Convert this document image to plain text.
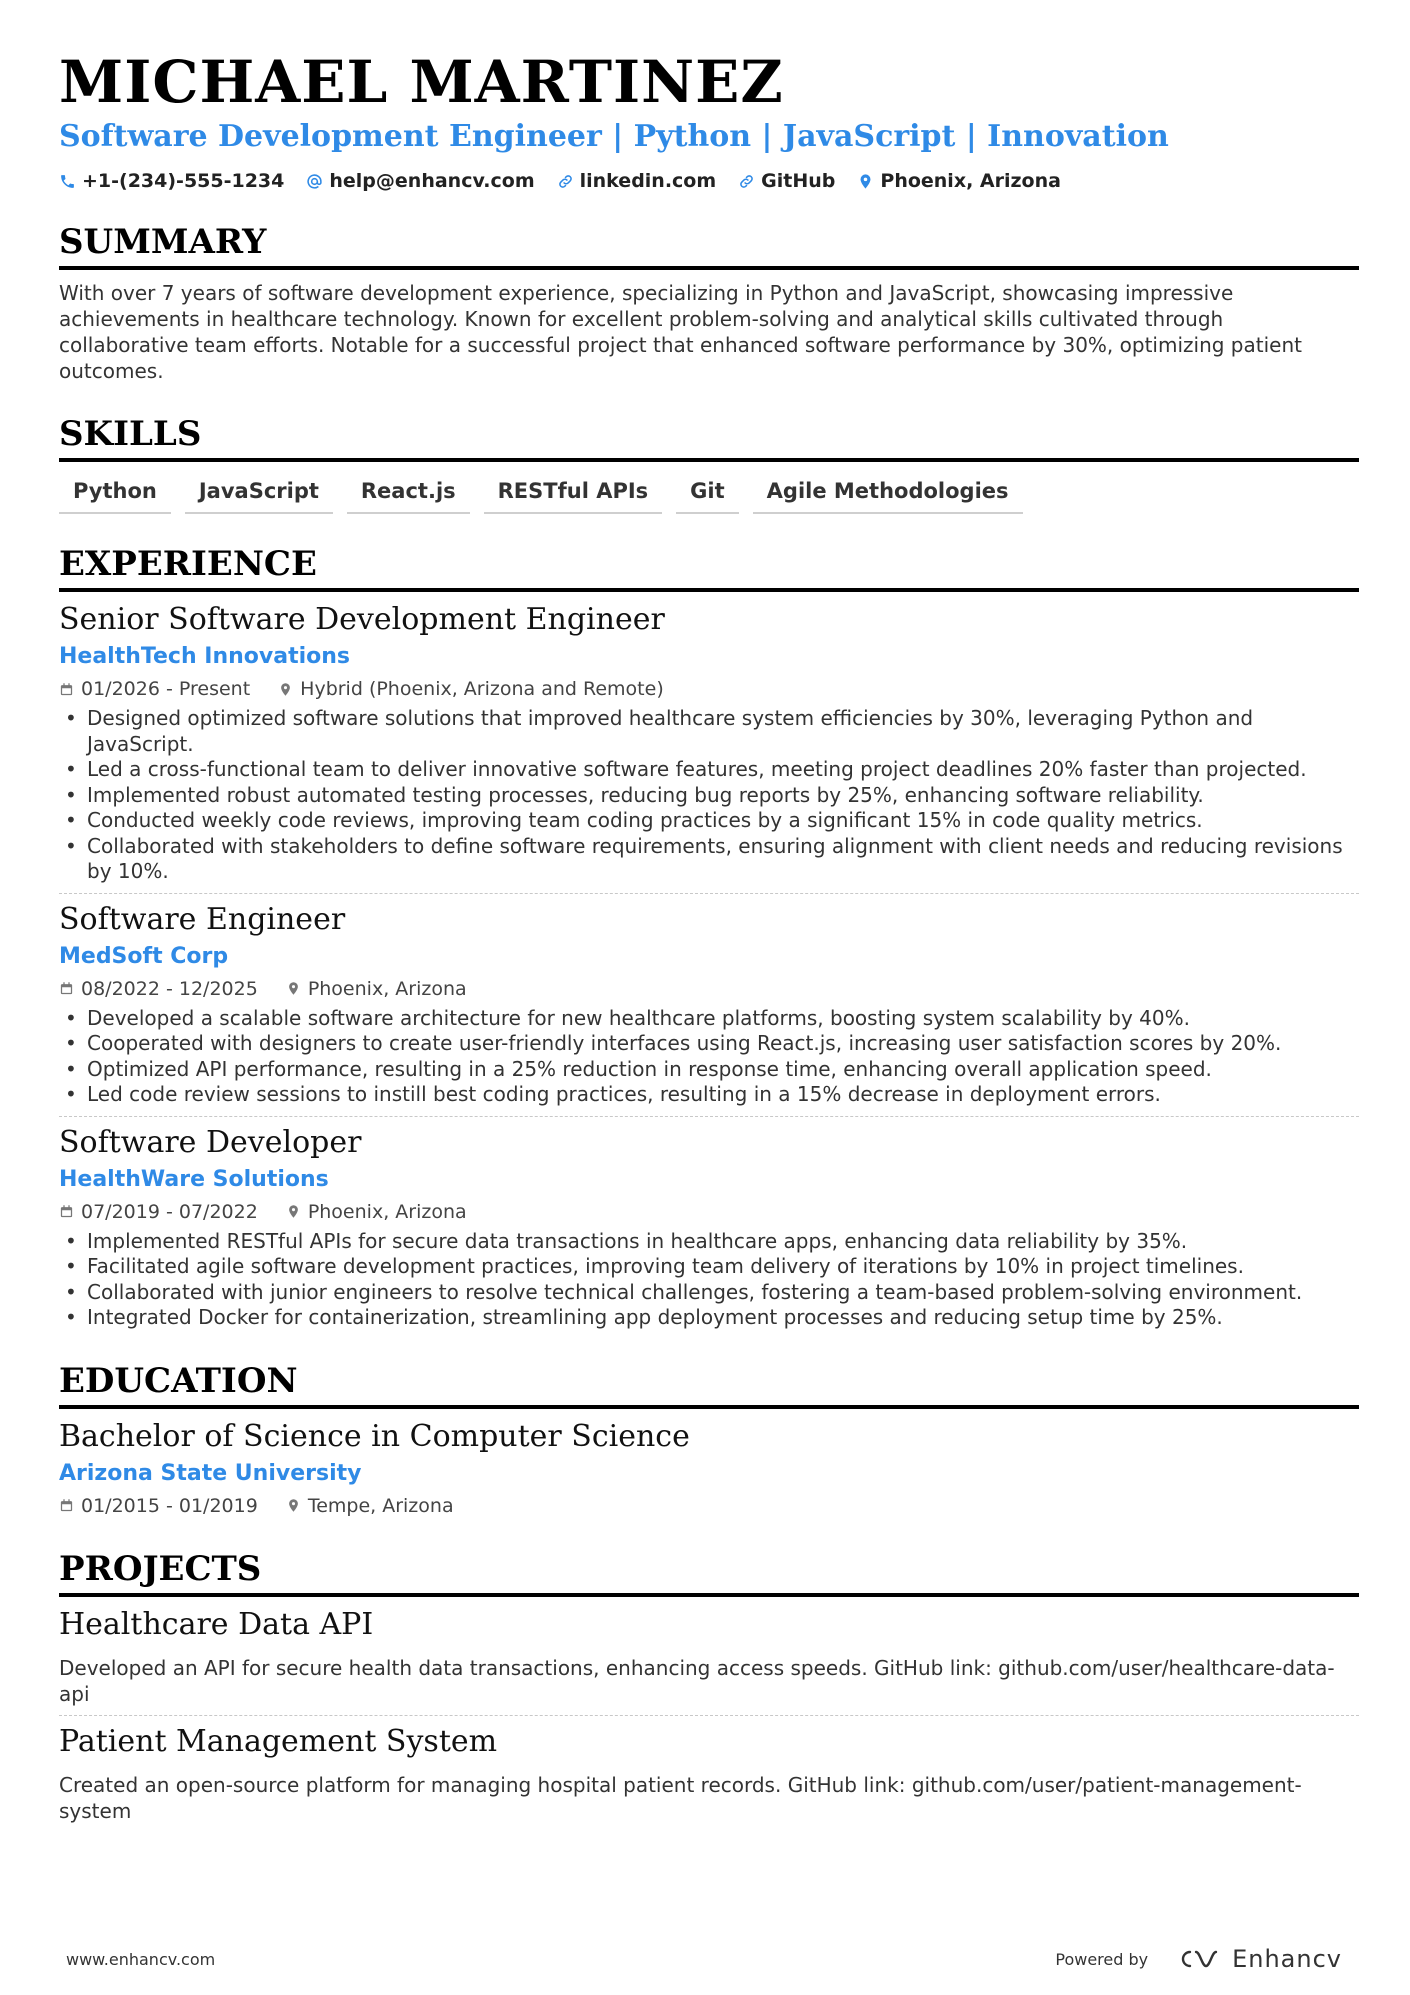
MICHAEL MARTINEZ
Software Development Engineer | Python | JavaScript | Innovation
+1-(234)-555-1234 help@enhancv.com linkedin.com GitHub Phoenix, Arizona
SUMMARY

With over 7 years of software development experience, specializing in Python and JavaScript, showcasing impressive achievements in healthcare technology. Known for excellent problem-solving and analytical skills cultivated through collaborative team efforts. Notable for a successful project that enhanced software performance by 30%, optimizing patient outcomes.

SKILLS
Python	JavaScript	React.js	RESTful APIs	Git	Agile Methodologies
EXPERIENCE
Senior Software Development Engineer
HealthTech Innovations
01/2026 - Present	Hybrid (Phoenix, Arizona and Remote)
• Designed optimized software solutions that improved healthcare system efficiencies by 30%, leveraging Python and JavaScript.
• Led a cross-functional team to deliver innovative software features, meeting project deadlines 20% faster than projected.
• Implemented robust automated testing processes, reducing bug reports by 25%, enhancing software reliability.
• Conducted weekly code reviews, improving team coding practices by a significant 15% in code quality metrics.
• Collaborated with stakeholders to define software requirements, ensuring alignment with client needs and reducing revisions by 10%.
Software Engineer
MedSoft Corp
08/2022 - 12/2025	Phoenix, Arizona
• Developed a scalable software architecture for new healthcare platforms, boosting system scalability by 40%.
• Cooperated with designers to create user-friendly interfaces using React.js, increasing user satisfaction scores by 20%.
• Optimized API performance, resulting in a 25% reduction in response time, enhancing overall application speed.
• Led code review sessions to instill best coding practices, resulting in a 15% decrease in deployment errors.
Software Developer
HealthWare Solutions
07/2019 - 07/2022	Phoenix, Arizona
• Implemented RESTful APIs for secure data transactions in healthcare apps, enhancing data reliability by 35%.
• Facilitated agile software development practices, improving team delivery of iterations by 10% in project timelines.
• Collaborated with junior engineers to resolve technical challenges, fostering a team-based problem-solving environment.
• Integrated Docker for containerization, streamlining app deployment processes and reducing setup time by 25%.
EDUCATION
Bachelor of Science in Computer Science
Arizona State University
01/2015 - 01/2019	Tempe, Arizona
PROJECTS
Healthcare Data API
Developed an API for secure health data transactions, enhancing access speeds. GitHub link: github.com/user/healthcare-data-api
Patient Management System
Created an open-source platform for managing hospital patient records. GitHub link: github.com/user/patient-management-system
www.enhancv.com	Powered by	Enhancv
